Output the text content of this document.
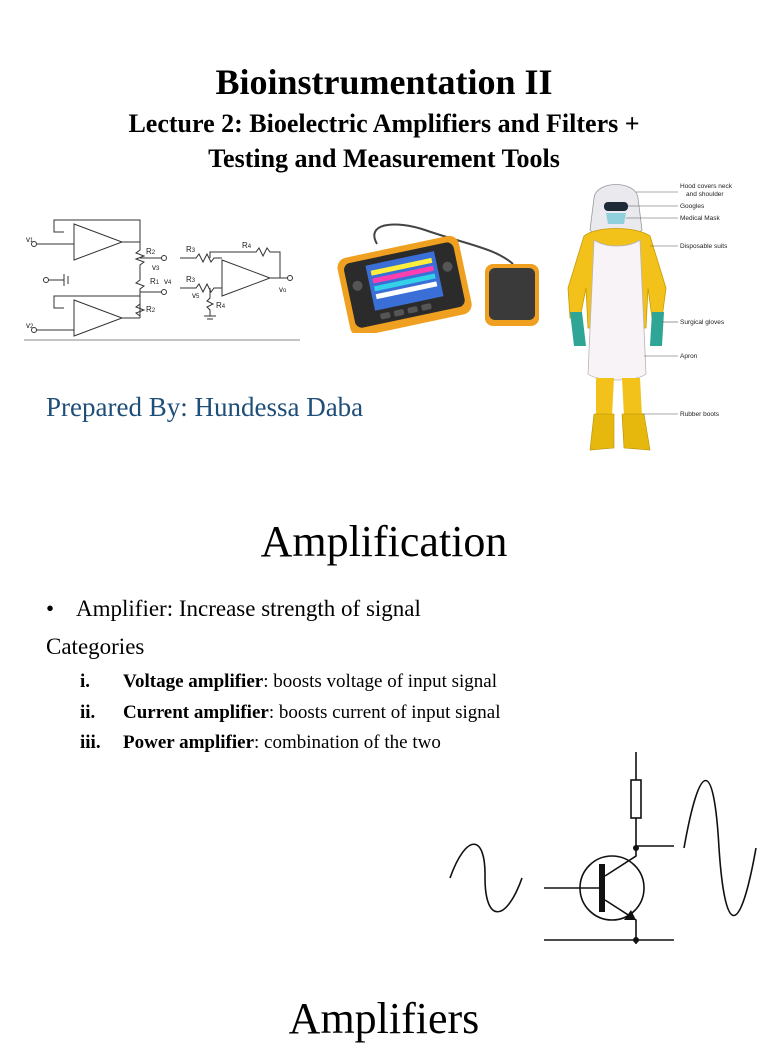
Bioinstrumentation II
Lecture 2: Bioelectric Amplifiers and Filters +
Testing and Measurement Tools
v1
v2
v3
R1 v4
R2
R2
R3
R3
R4
R4
v5
vo
Hood covers neck
and shoulder
Googles
Medical Mask
Disposable suits
Surgical gloves
Apron
Rubber boots
Prepared By: Hundessa Daba
Amplification
• Amplifier: Increase strength of signal
Categories
i. Voltage amplifier: boosts voltage of input signal
ii. Current amplifier: boosts current of input signal
iii. Power amplifier: combination of the two
Amplifiers
